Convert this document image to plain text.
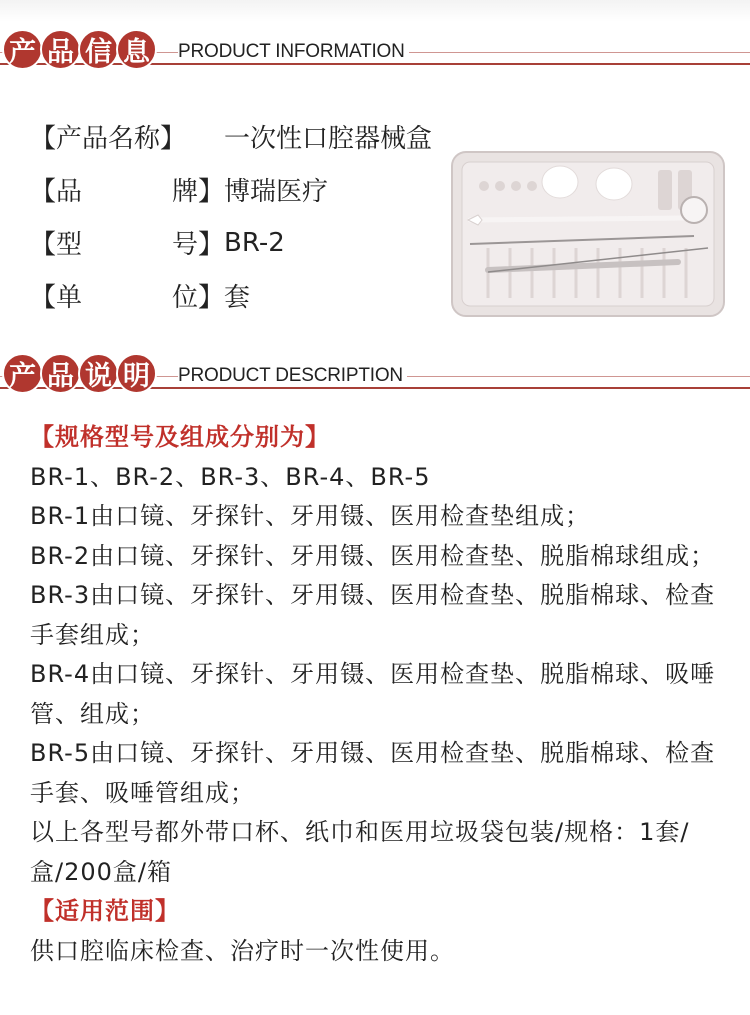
产 品 信 息	PRODUCT INFORMATION
【产品名称】 一次性口腔器械盒
【品	牌】 博瑞医疗
【型	号】 BR-2
【单	位】 套
产 品 说 明	PRODUCT DESCRIPTION

【规格型号及组成分别为】

BR-1、BR-2、BR-3、BR-4、BR-5

BR-1由口镜、牙探针、牙用镊、医用检查垫组成；

BR-2由口镜、牙探针、牙用镊、医用检查垫、脱脂棉球组成；

BR-3由口镜、牙探针、牙用镊、医用检查垫、脱脂棉球、检查手套组成；

BR-4由口镜、牙探针、牙用镊、医用检查垫、脱脂棉球、吸唾管、组成；

BR-5由口镜、牙探针、牙用镊、医用检查垫、脱脂棉球、检查手套、吸唾管组成；

以上各型号都外带口杯、纸巾和医用垃圾袋包装/规格：1套/盒/200盒/箱

【适用范围】

供口腔临床检查、治疗时一次性使用。
